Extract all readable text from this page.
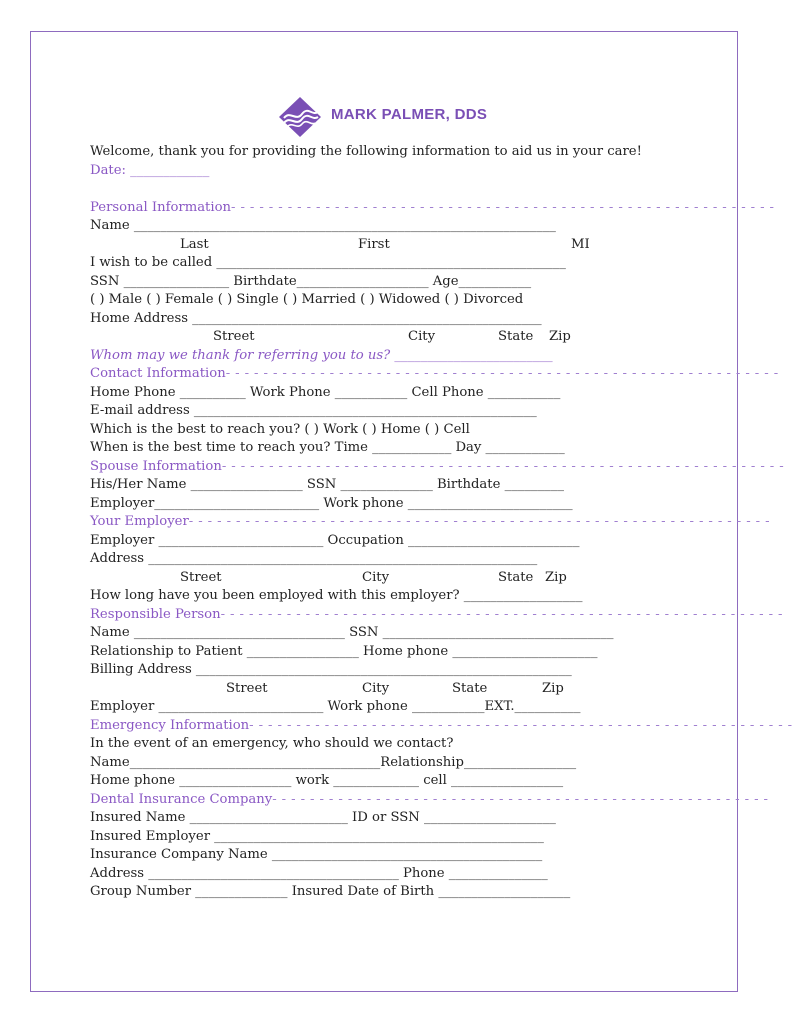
MARK PALMER, DDS
Welcome, thank you for providing the following information to aid us in your care!
Date: ____________
Personal Information- - - - - - - - - - - - - - - - - - - - - - - - - - - - - - - - - - - - - - - - - - - - - - - - - - - - - - - - - -
Name ________________________________________________________________
Last	First	MI
I wish to be called _____________________________________________________
SSN ________________ Birthdate____________________ Age___________
( ) Male ( ) Female ( ) Single ( ) Married ( ) Widowed ( ) Divorced
Home Address _____________________________________________________
Street	City	State Zip
Whom may we thank for referring you to us? ________________________
Contact Information- - - - - - - - - - - - - - - - - - - - - - - - - - - - - - - - - - - - - - - - - - - - - - - - - - - - - - - - - - -
Home Phone __________ Work Phone ___________ Cell Phone ___________
E-mail address ____________________________________________________
Which is the best to reach you? ( ) Work ( ) Home ( ) Cell
When is the best time to reach you? Time ____________ Day ____________
Spouse Information- - - - - - - - - - - - - - - - - - - - - - - - - - - - - - - - - - - - - - - - - - - - - - - - - - - - - - - - - - - -
His/Her Name _________________ SSN ______________ Birthdate _________
Employer_________________________ Work phone _________________________
Your Employer- - - - - - - - - - - - - - - - - - - - - - - - - - - - - - - - - - - - - - - - - - - - - - - - - - - - - - - - - - - - - -
Employer _________________________ Occupation __________________________
Address ___________________________________________________________
Street	City	State Zip
How long have you been employed with this employer? __________________
Responsible Person- - - - - - - - - - - - - - - - - - - - - - - - - - - - - - - - - - - - - - - - - - - - - - - - - - - - - - - - - - - -
Name ________________________________ SSN ___________________________________
Relationship to Patient _________________ Home phone ______________________
Billing Address _________________________________________________________
Street	City	State	Zip
Employer _________________________ Work phone ___________EXT.__________
Emergency Information- - - - - - - - - - - - - - - - - - - - - - - - - - - - - - - - - - - - - - - - - - - - - - - - - - - - - - - - - -
In the event of an emergency, who should we contact?
Name______________________________________Relationship_________________
Home phone _________________ work _____________ cell _________________
Dental Insurance Company- - - - - - - - - - - - - - - - - - - - - - - - - - - - - - - - - - - - - - - - - - - - - - - - - - - - -
Insured Name ________________________ ID or SSN ____________________
Insured Employer __________________________________________________
Insurance Company Name _________________________________________
Address ______________________________________ Phone _______________
Group Number ______________ Insured Date of Birth ____________________
